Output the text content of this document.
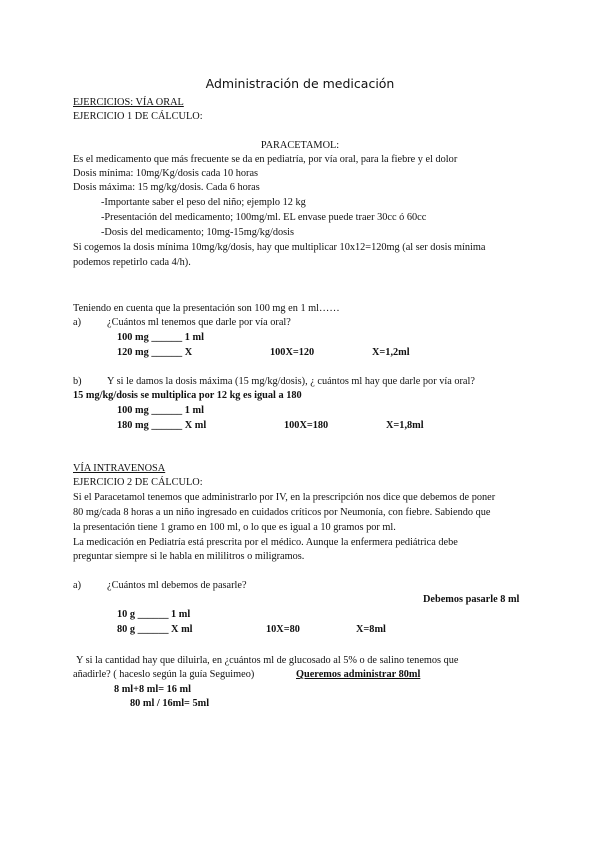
Administración de medicación
EJERCICIOS: VÍA ORAL
EJERCICIO 1 DE CÁLCULO:
PARACETAMOL:
Es el medicamento que más frecuente se da en pediatría, por vía oral, para la fiebre y el dolor
Dosis mínima: 10mg/Kg/dosis cada 10 horas
Dosis máxima: 15 mg/kg/dosis. Cada 6 horas
-Importante saber el peso del niño; ejemplo 12 kg
-Presentación del medicamento; 100mg/ml. EL envase puede traer 30cc ó 60cc
-Dosis del medicamento; 10mg-15mg/kg/dosis
Si cogemos la dosis mínima 10mg/kg/dosis, hay que multiplicar 10x12=120mg (al ser dosis mínima
podemos repetirlo cada 4/h).
Teniendo en cuenta que la presentación son 100 mg en 1 ml……
a)	¿Cuántos ml tenemos que darle por vía oral?
100 mg ______ 1 ml
120 mg ______ X	100X=120	X=1,2ml
b) Y si le damos la dosis máxima (15 mg/kg/dosis), ¿ cuántos ml hay que darle por vía oral?
15 mg/kg/dosis se multiplica por 12 kg es igual a 180
100 mg ______ 1 ml
180 mg ______ X ml	100X=180	X=1,8ml
VÍA INTRAVENOSA
EJERCICIO 2 DE CÁLCULO:
Si el Paracetamol tenemos que administrarlo por IV, en la prescripción nos dice que debemos de poner
80 mg/cada 8 horas a un niño ingresado en cuidados críticos por Neumonía, con fiebre. Sabiendo que
la presentación tiene 1 gramo en 100 ml, o lo que es igual a 10 gramos por ml.
La medicación en Pediatría está prescrita por el médico. Aunque la enfermera pediátrica debe
preguntar siempre si le habla en mililitros o miligramos.
a)	¿Cuántos ml debemos de pasarle?
Debemos pasarle 8 ml
10 g ______ 1 ml
80 g ______ X ml	10X=80	X=8ml
Y si la cantidad hay que diluirla, en ¿cuántos ml de glucosado al 5% o de salino tenemos que
añadirle? ( haceslo según la guía Seguimeo)	Queremos administrar 80ml
8 ml+8 ml= 16 ml
80 ml / 16ml= 5ml
